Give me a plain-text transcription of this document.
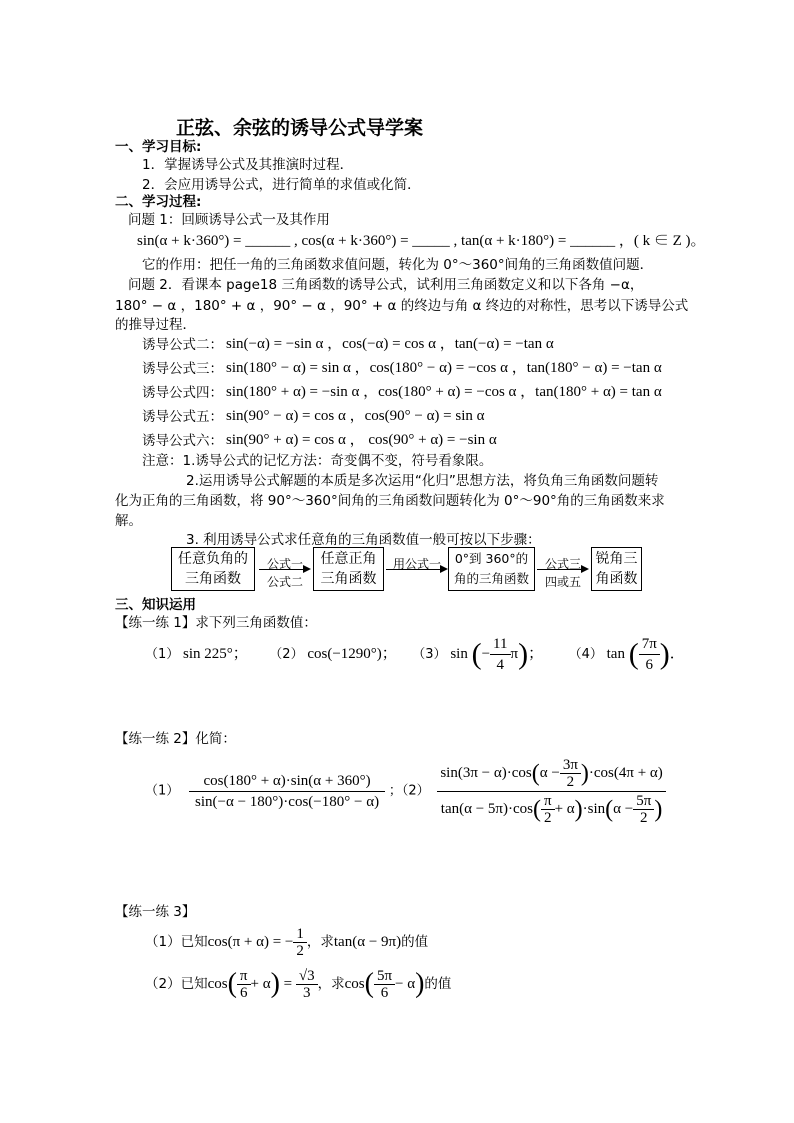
正弦、余弦的诱导公式导学案
一、学习目标:
1．掌握诱导公式及其推演时过程．
2．会应用诱导公式，进行简单的求值或化简．
二、学习过程:
问题 1：回顾诱导公式一及其作用
sin(α + k·360°) = ______ , cos(α + k·360°) = _____ , tan(α + k·180°) = ______ ，( k ∈ Z )。
它的作用：把任一角的三角函数求值问题，转化为 0°～360°间角的三角函数值问题．
问题 2．看课本 page18 三角函数的诱导公式，试利用三角函数定义和以下各角 −α，
180° − α ，180° + α ，90° − α ，90° + α 的终边与角 α 终边的对称性，思考以下诱导公式
的推导过程．
诱导公式二： sin(−α) = −sin α ，cos(−α) = cos α ，tan(−α) = −tan α
诱导公式三： sin(180° − α) = sin α ，cos(180° − α) = −cos α ，tan(180° − α) = −tan α
诱导公式四： sin(180° + α) = −sin α ，cos(180° + α) = −cos α ，tan(180° + α) = tan α
诱导公式五： sin(90° − α) = cos α ，cos(90° − α) = sin α
诱导公式六： sin(90° + α) = cos α ， cos(90° + α) = −sin α
注意：1.诱导公式的记忆方法：奇变偶不变，符号看象限。
2.运用诱导公式解题的本质是多次运用“化归”思想方法，将负角三角函数问题转
化为正角的三角函数，将 90°～360°间角的三角函数问题转化为 0°～90°角的三角函数来求
解。
3. 利用诱导公式求任意角的三角函数值一般可按以下步骤：
任意负角的
三角函数
公式一
公式二
任意正角
三角函数
用公式一	0°到 360°的
角的三角函数
公式三
四或五
锐角三
角函数
三、知识运用
【练一练 1】求下列三角函数值：
（1） sin 225°； （2） cos(−1290°)； （3） sin (− $\frac{11}{4} \pi$)；  （4） tan ( $\frac{7\pi}{6}$ )．
【练一练 2】化简：
$(1) \frac{\cos(180^\circ + \alpha)\cdot\sin(\alpha + 360^\circ)}{\sin(-\alpha - 180^\circ)\cdot\cos(-180^\circ - \alpha)}$ ；$(2) \frac{\sin(3\pi - \alpha)\cdot\cos(\alpha - \frac{3\pi}{2} )\cdot\cos(4\pi + \alpha)}{\tan(\alpha - 5\pi)\cdot\cos( \frac{\pi}{2} + \alpha)\cdot\sin(\alpha - \frac{5\pi}{2} )}$
【练一练 3】
（1）已知cos(π + α) = − $\frac{1}{2}$ ，求tan(α − 9π)的值
（2）已知$\cos( \frac{\pi}{6} + \alpha) = \frac{√3}{3}$ ，求$\cos( \frac{5\pi}{6} - \alpha)$的值
